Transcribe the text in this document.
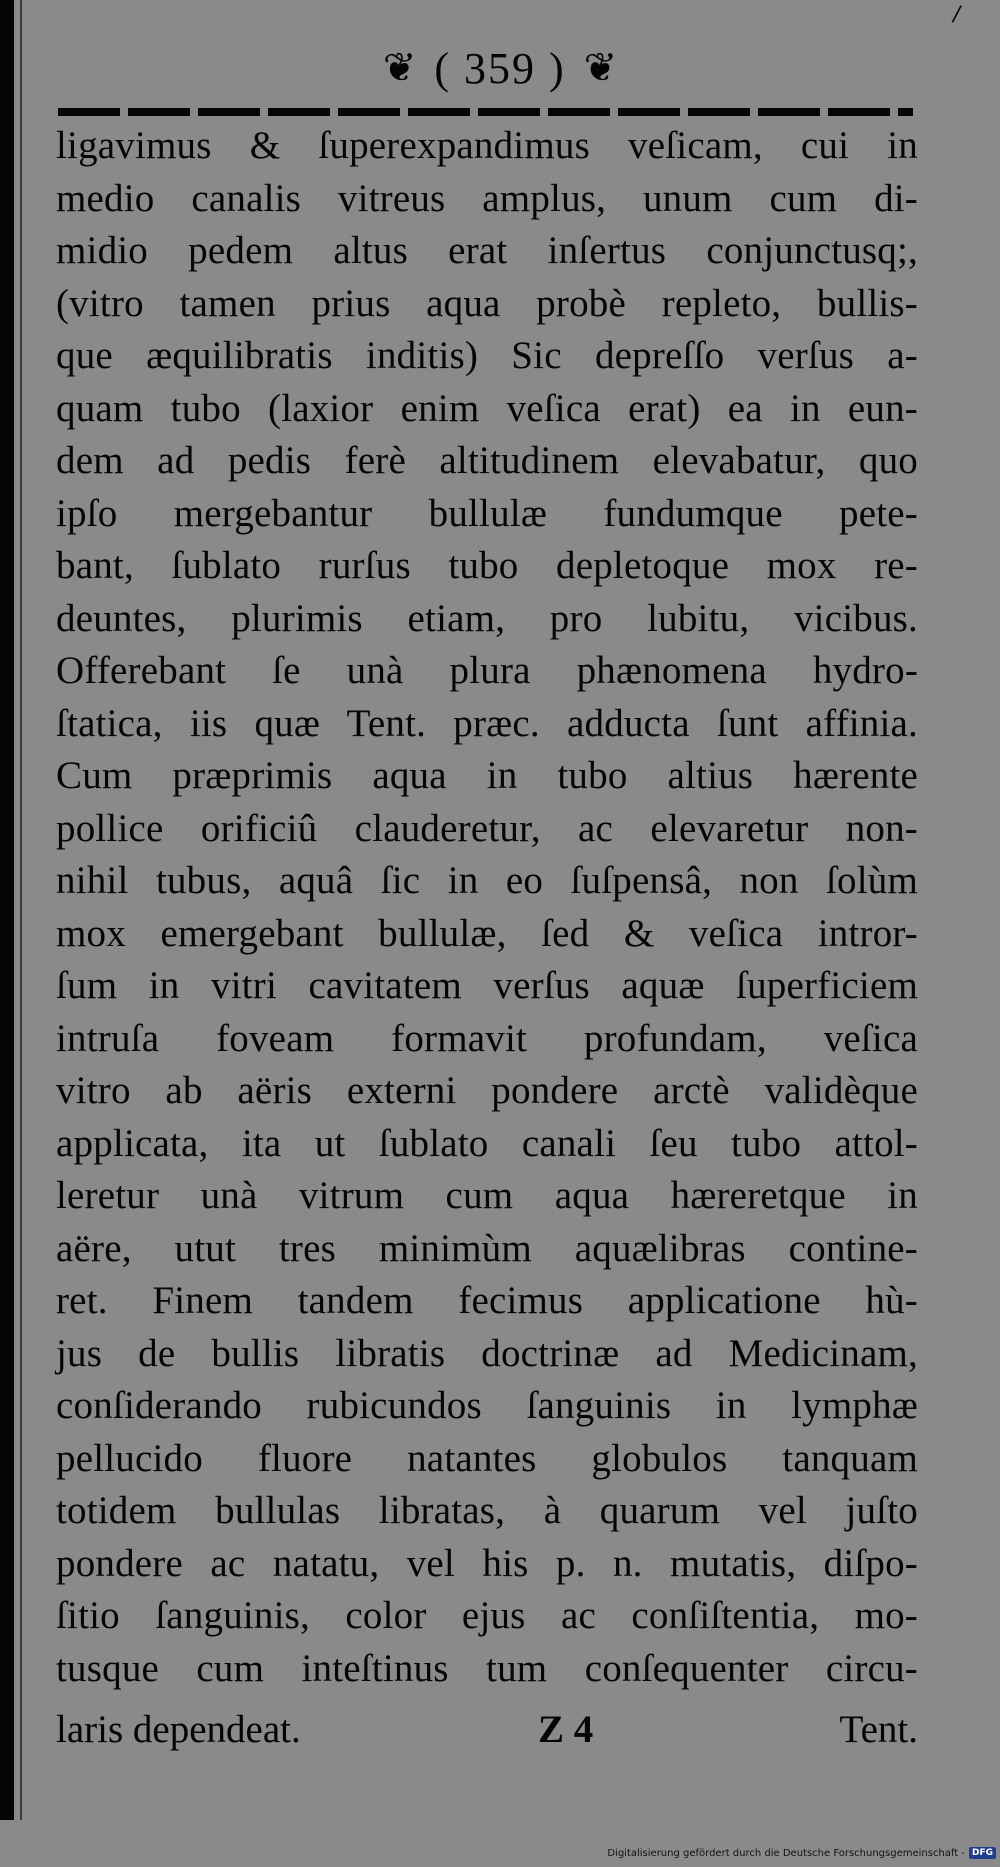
/
❦ ( 359 ) ❦
ligavimus & ſuperexpandimus veſicam, cui in
medio canalis vitreus amplus, unum cum di-
midio pedem altus erat inſertus conjunctusq;,
(vitro tamen prius aqua probè repleto, bullis-
que æquilibratis inditis) Sic depreſſo verſus a-
quam tubo (laxior enim veſica erat) ea in eun-
dem ad pedis ferè altitudinem elevabatur, quo
ipſo mergebantur bullulæ fundumque pete-
bant, ſublato rurſus tubo depletoque mox re-
deuntes, plurimis etiam, pro lubitu, vicibus.
Offerebant ſe unà plura phænomena hydro-
ſtatica, iis quæ Tent. præc. adducta ſunt affinia.
Cum præprimis aqua in tubo altius hærente
pollice orificiû clauderetur, ac elevaretur non-
nihil tubus, aquâ ſic in eo ſuſpensâ, non ſolùm
mox emergebant bullulæ, ſed & veſica intror-
ſum in vitri cavitatem verſus aquæ ſuperficiem
intruſa foveam formavit profundam, veſica
vitro ab aëris externi pondere arctè validèque
applicata, ita ut ſublato canali ſeu tubo attol-
leretur unà vitrum cum aqua hæreretque in
aëre, utut tres minimùm aquælibras contine-
ret. Finem tandem fecimus applicatione hù-
jus de bullis libratis doctrinæ ad Medicinam,
conſiderando rubicundos ſanguinis in lymphæ
pellucido fluore natantes globulos tanquam
totidem bullulas libratas, à quarum vel juſto
pondere ac natatu, vel his p. n. mutatis, diſpo-
ſitio ſanguinis, color ejus ac conſiſtentia, mo-
tusque cum inteſtinus tum conſequenter circu-
laris dependeat.	Z 4	Tent.
Digitalisierung gefördert durch die Deutsche Forschungsgemeinschaft - DFG
